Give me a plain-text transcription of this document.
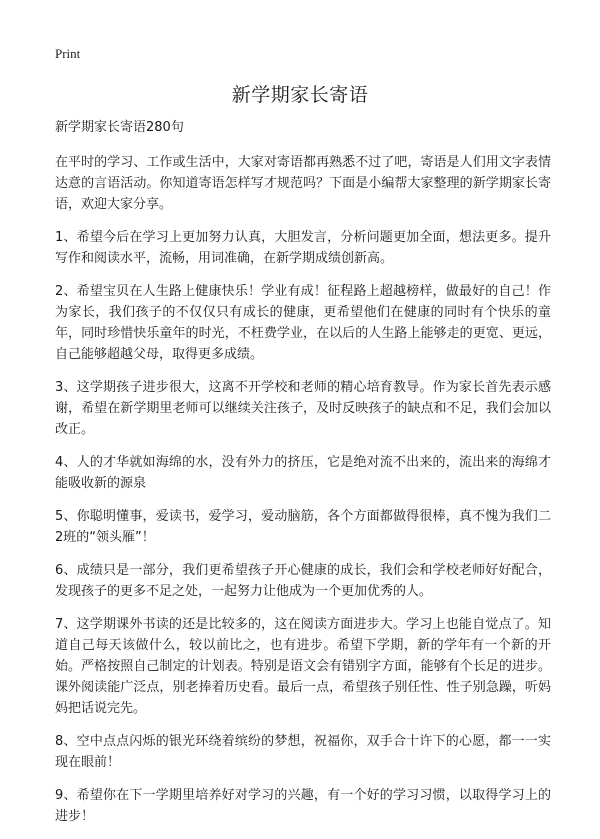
Print
新学期家长寄语
新学期家长寄语280句

在平时的学习、工作或生活中，大家对寄语都再熟悉不过了吧，寄语是人们用文字表情达意的言语活动。你知道寄语怎样写才规范吗？下面是小编帮大家整理的新学期家长寄语，欢迎大家分享。

1、希望今后在学习上更加努力认真，大胆发言，分析问题更加全面，想法更多。提升写作和阅读水平，流畅，用词准确，在新学期成绩创新高。

2、希望宝贝在人生路上健康快乐！学业有成！征程路上超越榜样，做最好的自己！作为家长，我们孩子的不仅仅只有成长的健康，更希望他们在健康的同时有个快乐的童年，同时珍惜快乐童年的时光，不枉费学业，在以后的人生路上能够走的更宽、更远，自己能够超越父母，取得更多成绩。

3、这学期孩子进步很大，这离不开学校和老师的精心培育教导。作为家长首先表示感谢，希望在新学期里老师可以继续关注孩子，及时反映孩子的缺点和不足，我们会加以改正。

4、人的才华就如海绵的水，没有外力的挤压，它是绝对流不出来的，流出来的海绵才能吸收新的源泉

5、你聪明懂事，爱读书，爱学习，爱动脑筋，各个方面都做得很棒，真不愧为我们二2班的“领头雁”！

6、成绩只是一部分，我们更希望孩子开心健康的成长，我们会和学校老师好好配合，发现孩子的更多不足之处，一起努力让他成为一个更加优秀的人。

7、这学期课外书读的还是比较多的，这在阅读方面进步大。学习上也能自觉点了。知道自己每天该做什么，较以前比之，也有进步。希望下学期，新的学年有一个新的开始。严格按照自己制定的计划表。特别是语文会有错别字方面，能够有个长足的进步。课外阅读能广泛点，别老捧着历史看。最后一点，希望孩子别任性、性子别急躁，听妈妈把话说完先。

8、空中点点闪烁的银光环绕着缤纷的梦想，祝福你，双手合十许下的心愿，都一一实现在眼前！

9、希望你在下一学期里培养好对学习的兴趣，有一个好的学习习惯，以取得学习上的进步！
